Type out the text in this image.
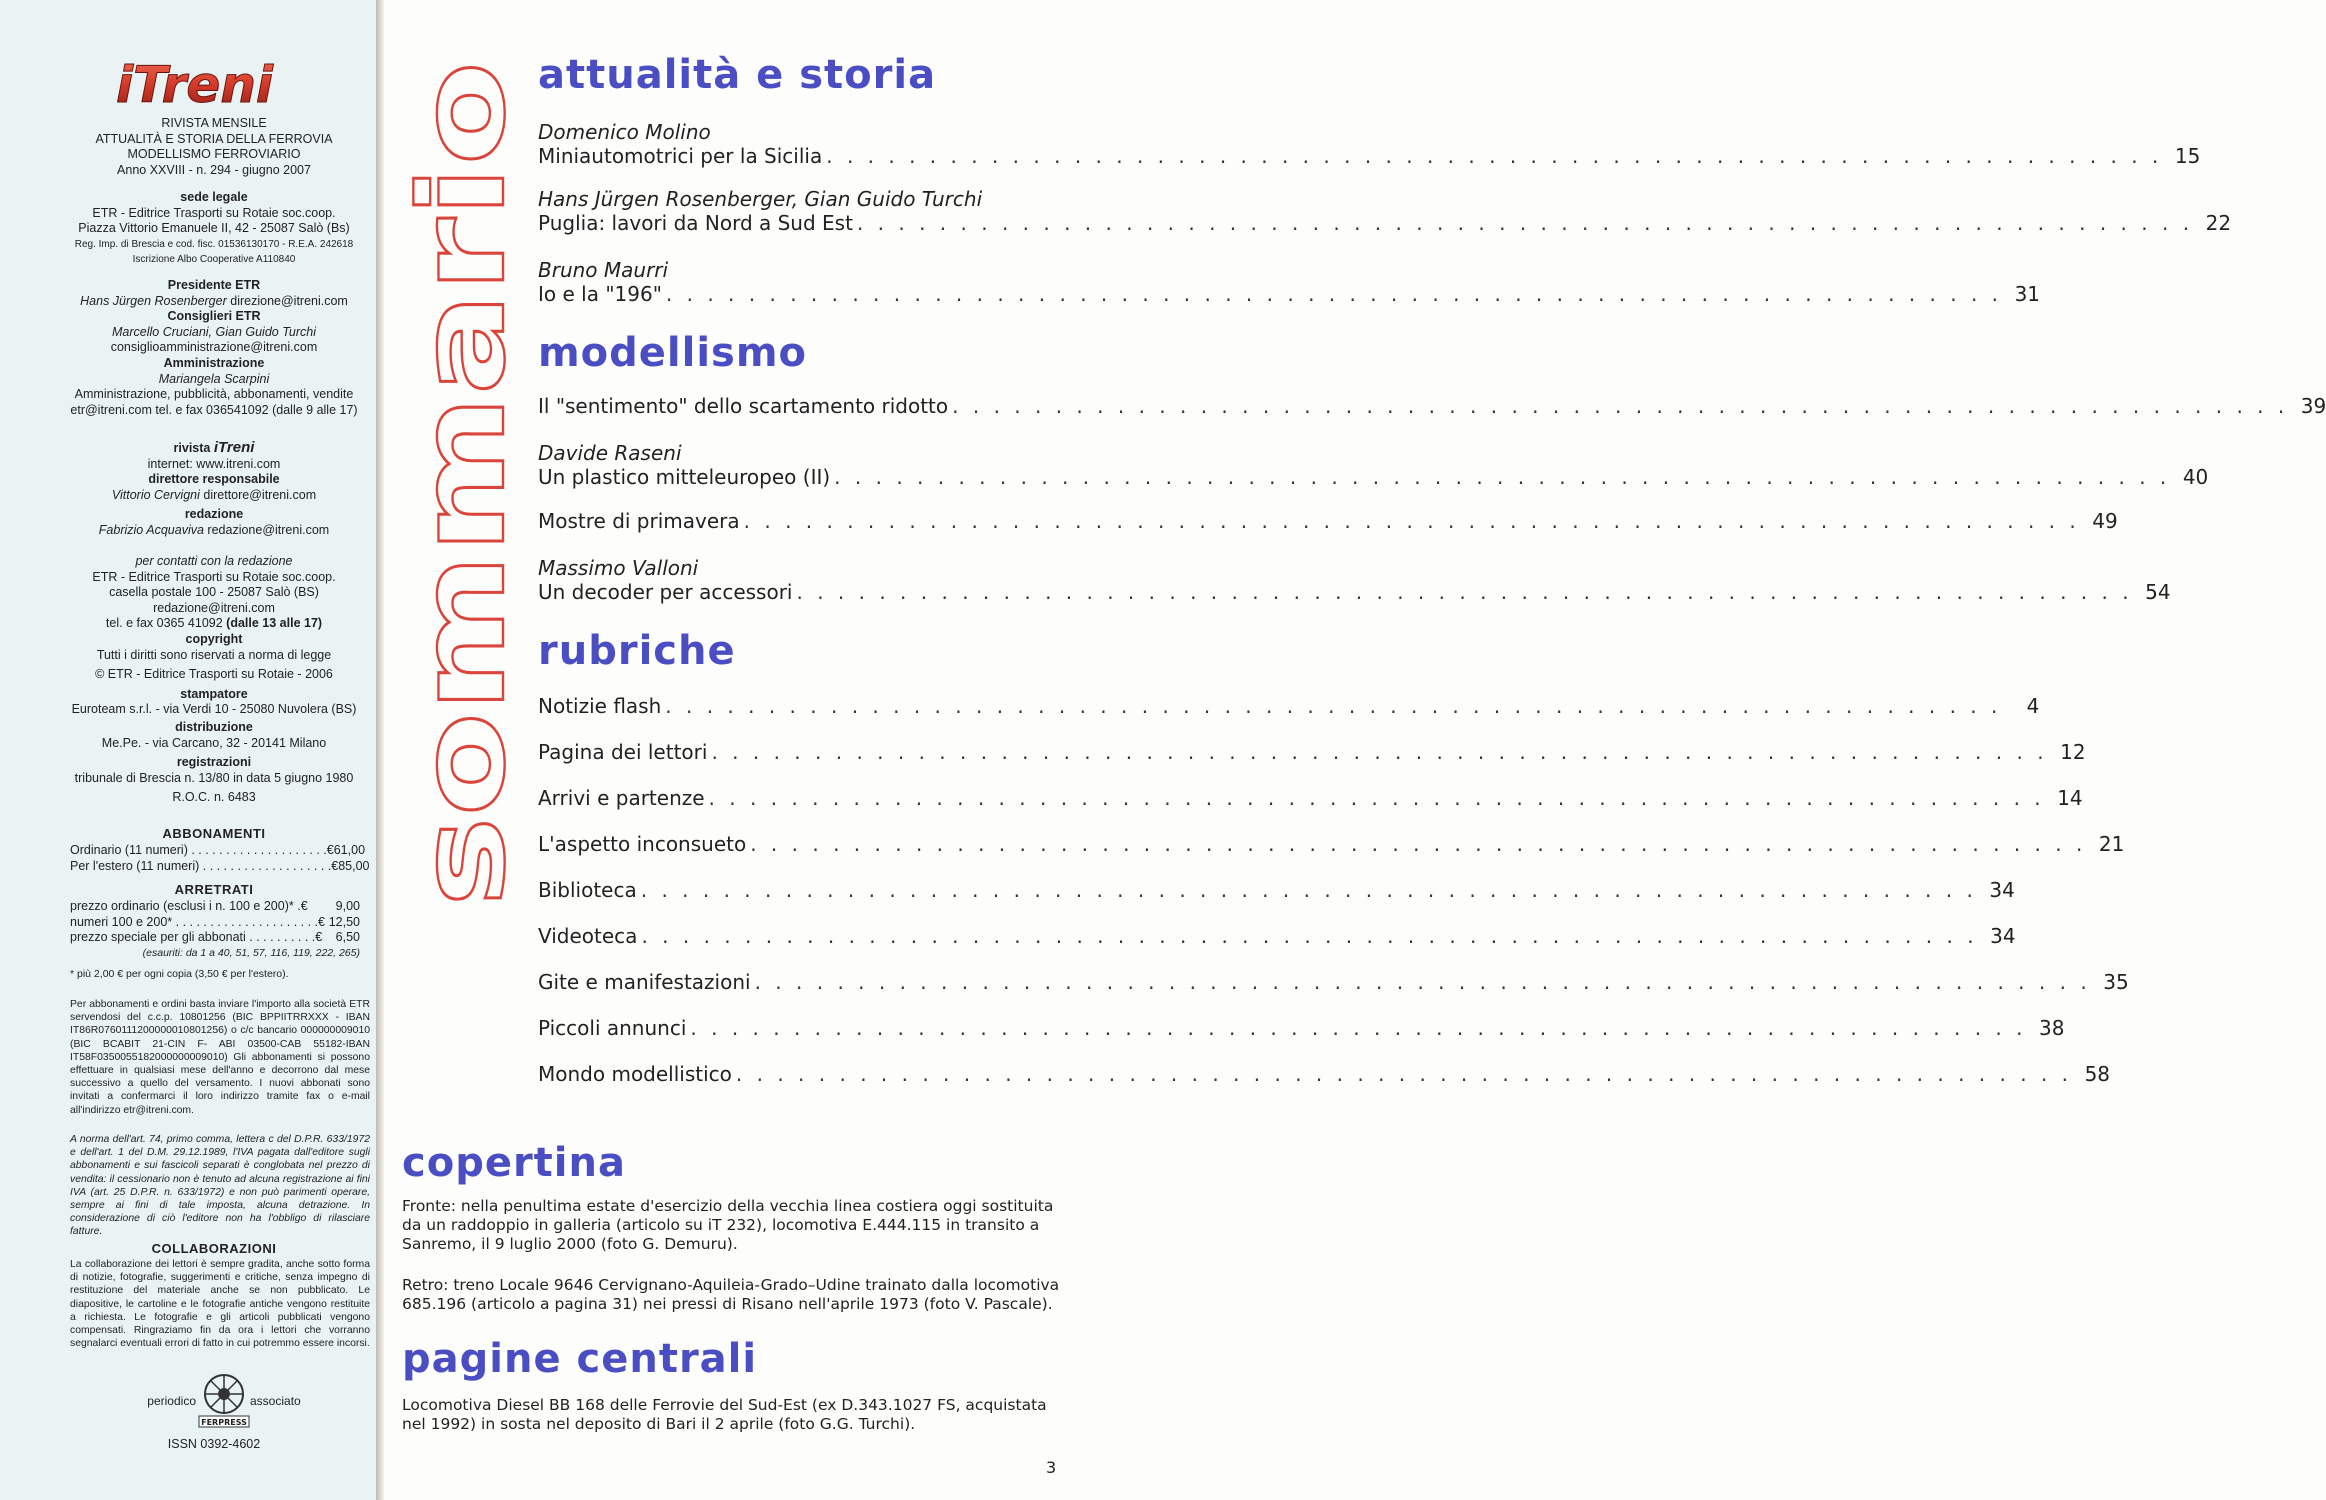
iTreni
RIVISTA MENSILE
ATTUALITÀ E STORIA DELLA FERROVIA
MODELLISMO FERROVIARIO
Anno XXVIII - n. 294 - giugno 2007
sede legale
ETR - Editrice Trasporti su Rotaie soc.coop.
Piazza Vittorio Emanuele II, 42 - 25087 Salò (Bs)
Reg. Imp. di Brescia e cod. fisc. 01536130170 - R.E.A. 242618
Iscrizione Albo Cooperative A110840
Presidente ETR
Hans Jürgen Rosenberger direzione@itreni.com
Consiglieri ETR
Marcello Cruciani, Gian Guido Turchi
consiglioamministrazione@itreni.com
Amministrazione
Mariangela Scarpini
Amministrazione, pubblicità, abbonamenti, vendite
etr@itreni.com tel. e fax 036541092 (dalle 9 alle 17)
rivista iTreni
internet: www.itreni.com
direttore responsabile
Vittorio Cervigni direttore@itreni.com
redazione
Fabrizio Acquaviva redazione@itreni.com
per contatti con la redazione
ETR - Editrice Trasporti su Rotaie soc.coop.
casella postale 100 - 25087 Salò (BS)
redazione@itreni.com
tel. e fax 0365 41092 (dalle 13 alle 17)
copyright
Tutti i diritti sono riservati a norma di legge
© ETR - Editrice Trasporti su Rotaie - 2006
stampatore
Euroteam s.r.l. - via Verdi 10 - 25080 Nuvolera (BS)
distribuzione
Me.Pe. - via Carcano, 32 - 20141 Milano
registrazioni
tribunale di Brescia n. 13/80 in data 5 giugno 1980
R.O.C. n. 6483
ABBONAMENTI
Ordinario (11 numeri) . . . . . . . . . . . . . . . . . . . . € 61,00
Per l'estero (11 numeri) . . . . . . . . . . . . . . . . . . . € 85,00
ARRETRATI
prezzo ordinario (esclusi i n. 100 e 200)* . €	9,00
numeri 100 e 200* . . . . . . . . . . . . . . . . . . . . . € 12,50
prezzo speciale per gli abbonati . . . . . . . . . . €	6,50
(esauriti: da 1 a 40, 51, 57, 116, 119, 222, 265)
* più 2,00 € per ogni copia (3,50 € per l'estero).
Per abbonamenti e ordini basta inviare l'importo alla società ETR servendosi del c.c.p. 10801256 (BIC BPPIITRRXXX - IBAN IT86R0760111200000010801256) o c/c bancario 000000009010 (BIC BCABIT 21-CIN F- ABI 03500-CAB 55182-IBAN IT58F0350055182000000009010) Gli abbonamenti si possono effettuare in qualsiasi mese dell'anno e decorrono dal mese successivo a quello del versamento. I nuovi abbonati sono invitati a confermarci il loro indirizzo tramite fax o e-mail all'indirizzo etr@itreni.com.
A norma dell'art. 74, primo comma, lettera c del D.P.R. 633/1972 e dell'art. 1 del D.M. 29.12.1989, l'IVA pagata dall'editore sugli abbonamenti e sui fascicoli separati è conglobata nel prezzo di vendita: il cessionario non è tenuto ad alcuna registrazione ai fini IVA (art. 25 D.P.R. n. 633/1972) e non può parimenti operare, sempre ai fini di tale imposta, alcuna detrazione. In considerazione di ciò l'editore non ha l'obbligo di rilasciare fatture.
COLLABORAZIONI
La collaborazione dei lettori è sempre gradita, anche sotto forma di notizie, fotografie, suggerimenti e critiche, senza impegno di restituzione del materiale anche se non pubblicato. Le diapositive, le cartoline e le fotografie antiche vengono restituite a richiesta. Le fotografie e gli articoli pubblicati vengono compensati. Ringraziamo fin da ora i lettori che vorranno segnalarci eventuali errori di fatto in cui potremmo essere incorsi.
periodico
FERPRESS
associato
ISSN 0392-4602
sommario
attualità e storia
Domenico Molino
Miniautomotrici per la Sicilia . . .	15
Hans Jürgen Rosenberger, Gian Guido Turchi
Puglia: lavori da Nord a Sud Est . . .	22
Bruno Maurri
Io e la "196" . . .	31
modellismo
Il "sentimento" dello scartamento ridotto . . .	39
Davide Raseni
Un plastico mitteleuropeo (II) . . .	40
Mostre di primavera . . .	49
Massimo Valloni
Un decoder per accessori . . .	54
rubriche
Notizie flash . . .	4
Pagina dei lettori . . .	12
Arrivi e partenze . . .	14
L'aspetto inconsueto . . .	21
Biblioteca . . .	34
Videoteca . . .	34
Gite e manifestazioni . . .	35
Piccoli annunci . . .	38
Mondo modellistico . . .	58
copertina
Fronte: nella penultima estate d'esercizio della vecchia linea costiera oggi sostituita da un raddoppio in galleria (articolo su iT 232), locomotiva E.444.115 in transito a Sanremo, il 9 luglio 2000 (foto G. Demuru).
Retro: treno Locale 9646 Cervignano-Aquileia-Grado–Udine trainato dalla locomotiva 685.196 (articolo a pagina 31) nei pressi di Risano nell'aprile 1973 (foto V. Pascale).
pagine centrali
Locomotiva Diesel BB 168 delle Ferrovie del Sud-Est (ex D.343.1027 FS, acquistata nel 1992) in sosta nel deposito di Bari il 2 aprile (foto G.G. Turchi).
3
